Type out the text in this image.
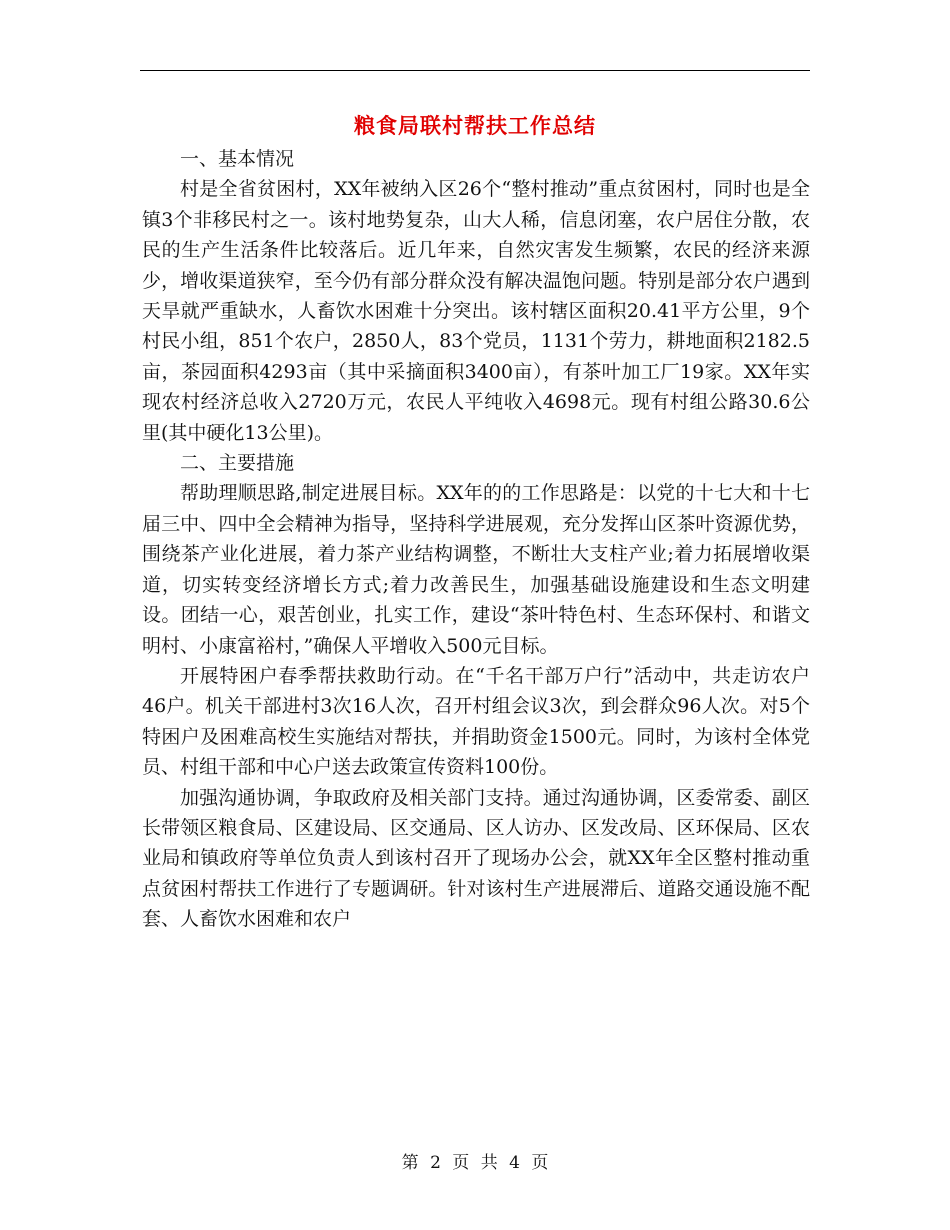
粮食局联村帮扶工作总结

一、基本情况

村是全省贫困村，XX年被纳入区26个“整村推动”重点贫困村，同时也是全镇3个非移民村之一。该村地势复杂，山大人稀，信息闭塞，农户居住分散，农民的生产生活条件比较落后。近几年来，自然灾害发生频繁，农民的经济来源少，增收渠道狭窄，至今仍有部分群众没有解决温饱问题。特别是部分农户遇到天旱就严重缺水，人畜饮水困难十分突出。该村辖区面积20.41平方公里，9个村民小组，851个农户，2850人，83个党员，1131个劳力，耕地面积2182.5亩，茶园面积4293亩（其中采摘面积3400亩），有茶叶加工厂19家。XX年实现农村经济总收入2720万元，农民人平纯收入4698元。现有村组公路30.6公里(其中硬化13公里)。

二、主要措施

帮助理顺思路,制定进展目标。XX年的的工作思路是：以党的十七大和十七届三中、四中全会精神为指导，坚持科学进展观，充分发挥山区茶叶资源优势，围绕茶产业化进展，着力茶产业结构调整，不断壮大支柱产业;着力拓展增收渠道，切实转变经济增长方式;着力改善民生，加强基础设施建设和生态文明建设。团结一心，艰苦创业，扎实工作，建设“茶叶特色村、生态环保村、和谐文明村、小康富裕村，”确保人平增收入500元目标。

开展特困户春季帮扶救助行动。在“千名干部万户行”活动中，共走访农户46户。机关干部进村3次16人次，召开村组会议3次，到会群众96人次。对5个特困户及困难高校生实施结对帮扶，并捐助资金1500元。同时，为该村全体党员、村组干部和中心户送去政策宣传资料100份。

加强沟通协调，争取政府及相关部门支持。通过沟通协调，区委常委、副区长带领区粮食局、区建设局、区交通局、区人访办、区发改局、区环保局、区农业局和镇政府等单位负责人到该村召开了现场办公会，就XX年全区整村推动重点贫困村帮扶工作进行了专题调研。针对该村生产进展滞后、道路交通设施不配套、人畜饮水困难和农户

第 2 页 共 4 页
